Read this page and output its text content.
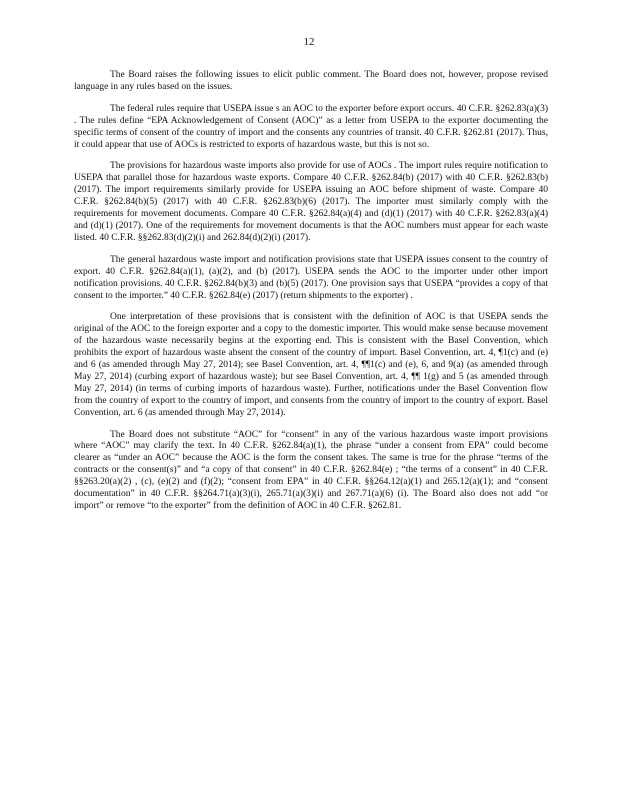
12

The Board raises the following issues to elicit public comment. The Board does not, however, propose revised language in any rules based on the issues.

The federal rules require that USEPA issue s an AOC to the exporter before export occurs. 40 C.F.R. §262.83(a)(3) . The rules define “EPA Acknowledgement of Consent (AOC)” as a letter from USEPA to the exporter documenting the specific terms of consent of the country of import and the consents any countries of transit. 40 C.F.R. §262.81 (2017). Thus, it could appear that use of AOCs is restricted to exports of hazardous waste, but this is not so.

The provisions for hazardous waste imports also provide for use of AOCs . The import rules require notification to USEPA that parallel those for hazardous waste exports. Compare 40 C.F.R. §262.84(b) (2017) with 40 C.F.R. §262.83(b) (2017). The import requirements similarly provide for USEPA issuing an AOC before shipment of waste. Compare 40 C.F.R. §262.84(b)(5) (2017) with 40 C.F.R. §262.83(b)(6) (2017). The importer must similarly comply with the requirements for movement documents. Compare 40 C.F.R. §262.84(a)(4) and (d)(1) (2017) with 40 C.F.R. §262.83(a)(4) and (d)(1) (2017). One of the requirements for movement documents is that the AOC numbers must appear for each waste listed. 40 C.F.R. §§262.83(d)(2)(i) and 262.84(d)(2)(i) (2017).

The general hazardous waste import and notification provisions state that USEPA issues consent to the country of export. 40 C.F.R. §262.84(a)(1), (a)(2), and (b) (2017). USEPA sends the AOC to the importer under other import notification provisions. 40 C.F.R. §262.84(b)(3) and (b)(5) (2017). One provision says that USEPA “provides a copy of that consent to the importer.” 40 C.F.R. §262.84(e) (2017) (return shipments to the exporter) .

One interpretation of these provisions that is consistent with the definition of AOC is that USEPA sends the original of the AOC to the foreign exporter and a copy to the domestic importer. This would make sense because movement of the hazardous waste necessarily begins at the exporting end. This is consistent with the Basel Convention, which prohibits the export of hazardous waste absent the consent of the country of import. Basel Convention, art. 4, ¶1(c) and (e) and 6 (as amended through May 27, 2014); see Basel Convention, art. 4, ¶¶1(c) and (e), 6, and 9(a) (as amended through May 27, 2014) (curbing export of hazardous waste); but see Basel Convention, art. 4, ¶¶ 1(g) and 5 (as amended through May 27, 2014) (in terms of curbing imports of hazardous waste). Further, notifications under the Basel Convention flow from the country of export to the country of import, and consents from the country of import to the country of export. Basel Convention, art. 6 (as amended through May 27, 2014).

The Board does not substitute “AOC” for “consent” in any of the various hazardous waste import provisions where “AOC” may clarify the text. In 40 C.F.R. §262.84(a)(1), the phrase “under a consent from EPA” could become clearer as “under an AOC” because the AOC is the form the consent takes. The same is true for the phrase “terms of the contracts or the consent(s)” and “a copy of that consent” in 40 C.F.R. §262.84(e) ; “the terms of a consent” in 40 C.F.R. §§263.20(a)(2) , (c), (e)(2) and (f)(2); “consent from EPA” in 40 C.F.R. §§264.12(a)(1) and 265.12(a)(1); and “consent documentation” in 40 C.F.R. §§264.71(a)(3)(i), 265.71(a)(3)(i) and 267.71(a)(6) (i). The Board also does not add “or import” or remove “to the exporter” from the definition of AOC in 40 C.F.R. §262.81.
